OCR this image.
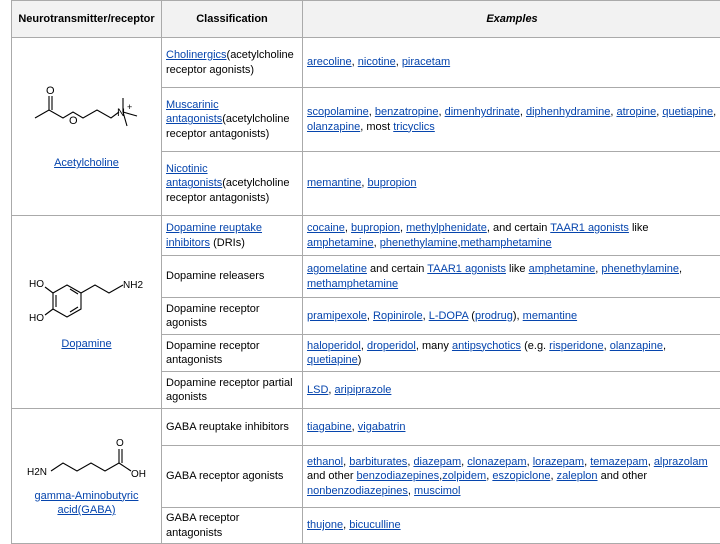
Neurotransmitter/receptor	Classification	Examples

O
O
N +
Acetylcholine	Cholinergics(acetylcholine receptor agonists)	arecoline, nicotine, piracetam
	Muscarinic antagonists(acetylcholine receptor antagonists)	scopolamine, benzatropine, dimenhydrinate, diphenhydramine, atropine, quetiapine, olanzapine, most tricyclics
	Nicotinic antagonists(acetylcholine receptor antagonists)	memantine, bupropion

HO
HO
NH2
Dopamine	Dopamine reuptake inhibitors (DRIs)	cocaine, bupropion, methylphenidate, and certain TAAR1 agonists like amphetamine, phenethylamine,methamphetamine
	Dopamine releasers	agomelatine and certain TAAR1 agonists like amphetamine, phenethylamine, methamphetamine
	Dopamine receptor agonists	pramipexole, Ropinirole, L-DOPA (prodrug), memantine
	Dopamine receptor antagonists	haloperidol, droperidol, many antipsychotics (e.g. risperidone, olanzapine, quetiapine)
	Dopamine receptor partial agonists	LSD, aripiprazole

H2N
O
OH
gamma-Aminobutyric acid(GABA)	GABA reuptake inhibitors	tiagabine, vigabatrin
	GABA receptor agonists	ethanol, barbiturates, diazepam, clonazepam, lorazepam, temazepam, alprazolam and other benzodiazepines,zolpidem, eszopiclone, zaleplon and other nonbenzodiazepines, muscimol
	GABA receptor antagonists	thujone, bicuculline
